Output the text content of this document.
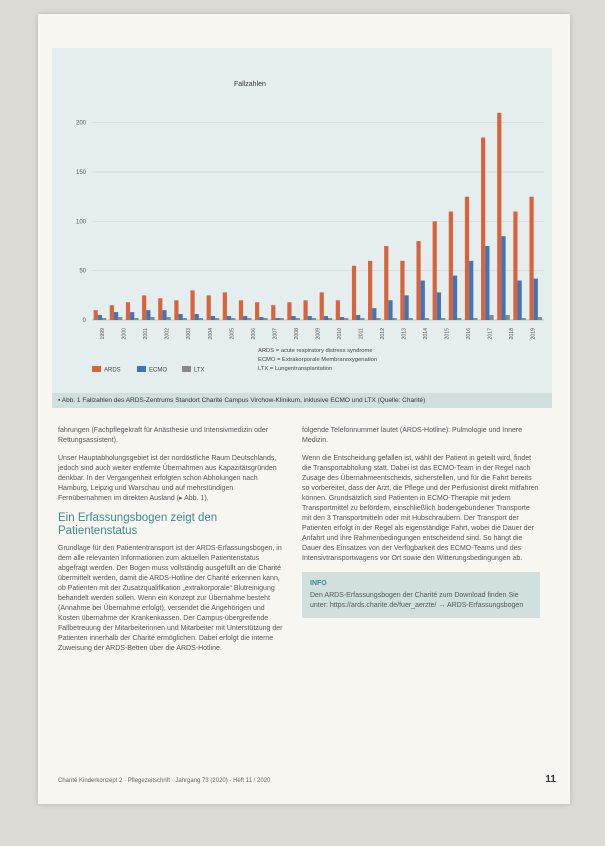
1999	2000	2001	2002	2003	2004	2005	2006	2007	2008	2009	2010	2011	2012	2013	2014	2015	2016	2017	2018	2019
0
50
100
150
200
Fallzahlen
ARDS	ECMO	LTX
ARDS = acute respiratory distress syndrome
ECMO = Extrakorporale Membranoxygenation
LTX = Lungentransplantation
▪ Abb. 1 Fallzahlen des ARDS-Zentrums Standort Charité Campus Virchow-Klinikum, inklusive ECMO und LTX (Quelle: Charité)

fahrungen (Fachpflegekraft für Anästhesie und Intensivmedizin oder Rettungsassistent).

Unser Hauptabholungsgebiet ist der nordöstliche Raum Deutschlands, jedoch sind auch weiter entfernte Übernahmen aus Kapazitätsgründen denkbar. In der Vergangenheit erfolgten schon Abholungen nach Hamburg, Leipzig und Warschau und auf mehrstündigen Fernübernahmen im direkten Ausland (▸ Abb. 1).

Ein Erfassungsbogen zeigt den Patientenstatus

Grundlage für den Patiententransport ist der ARDS-Erfassungsbogen, in dem alle relevanten Informationen zum aktuellen Patientenstatus abgefragt werden. Der Bogen muss vollständig ausgefüllt an die Charité übermittelt werden, damit die ARDS-Hotline der Charité erkennen kann, ob Patienten mit der Zusatzqualifikation „extrakorporale“ Blutreinigung behandelt werden sollen. Wenn ein Konzept zur Übernahme besteht (Annahme bei Übernahme erfolgt), versendet die Angehörigen und Kosten übernahme der Krankenkassen. Der Campus-übergreifende Fallbetreuung der Mitarbeiterinnen und Mitarbeiter mit Unterstützung der Patienten innerhalb der Charité ermöglichen. Dabei erfolgt die interne Zuweisung der ARDS-Betten über die ARDS-Hotline.

folgende Telefonnummer lautet (ARDS-Hotline): Pulmologie und Innere Medizin.

Wenn die Entscheidung gefallen ist, wählt der Patient in geteilt wird, findet die Transportabholung statt. Dabei ist das ECMO-Team in der Regel nach Zusage des Übernahmeentscheids, sicherstellen, und für die Fahrt bereits so vorbereitet, dass der Arzt, die Pflege und der Perfusionist direkt mitfahren können. Grundsätzlich sind Patienten in ECMO-Therapie mit jedem Transportmittel zu befördern, einschließlich bodengebundener Transporte mit den 3 Transportmitteln oder mit Hubschraubern. Der Transport der Patienten erfolgt in der Regel als eigenständige Fahrt, wobei die Dauer der Anfahrt und ihre Rahmenbedingungen entscheidend sind. So hängt die Dauer des Einsatzes von der Verfügbarkeit des ECMO-Teams und des Intensivtransportwagens vor Ort sowie den Witterungsbedingungen ab.

INFO
Den ARDS-Erfassungsbogen der Charité zum Download finden Sie unter: https://ards.charite.de/fuer_aerzte/ → ARDS-Erfassungsbogen
Charité Kinderkonzept 2 · Pflegezeitschrift · Jahrgang 73 (2020) · Heft 11 / 2020	11
